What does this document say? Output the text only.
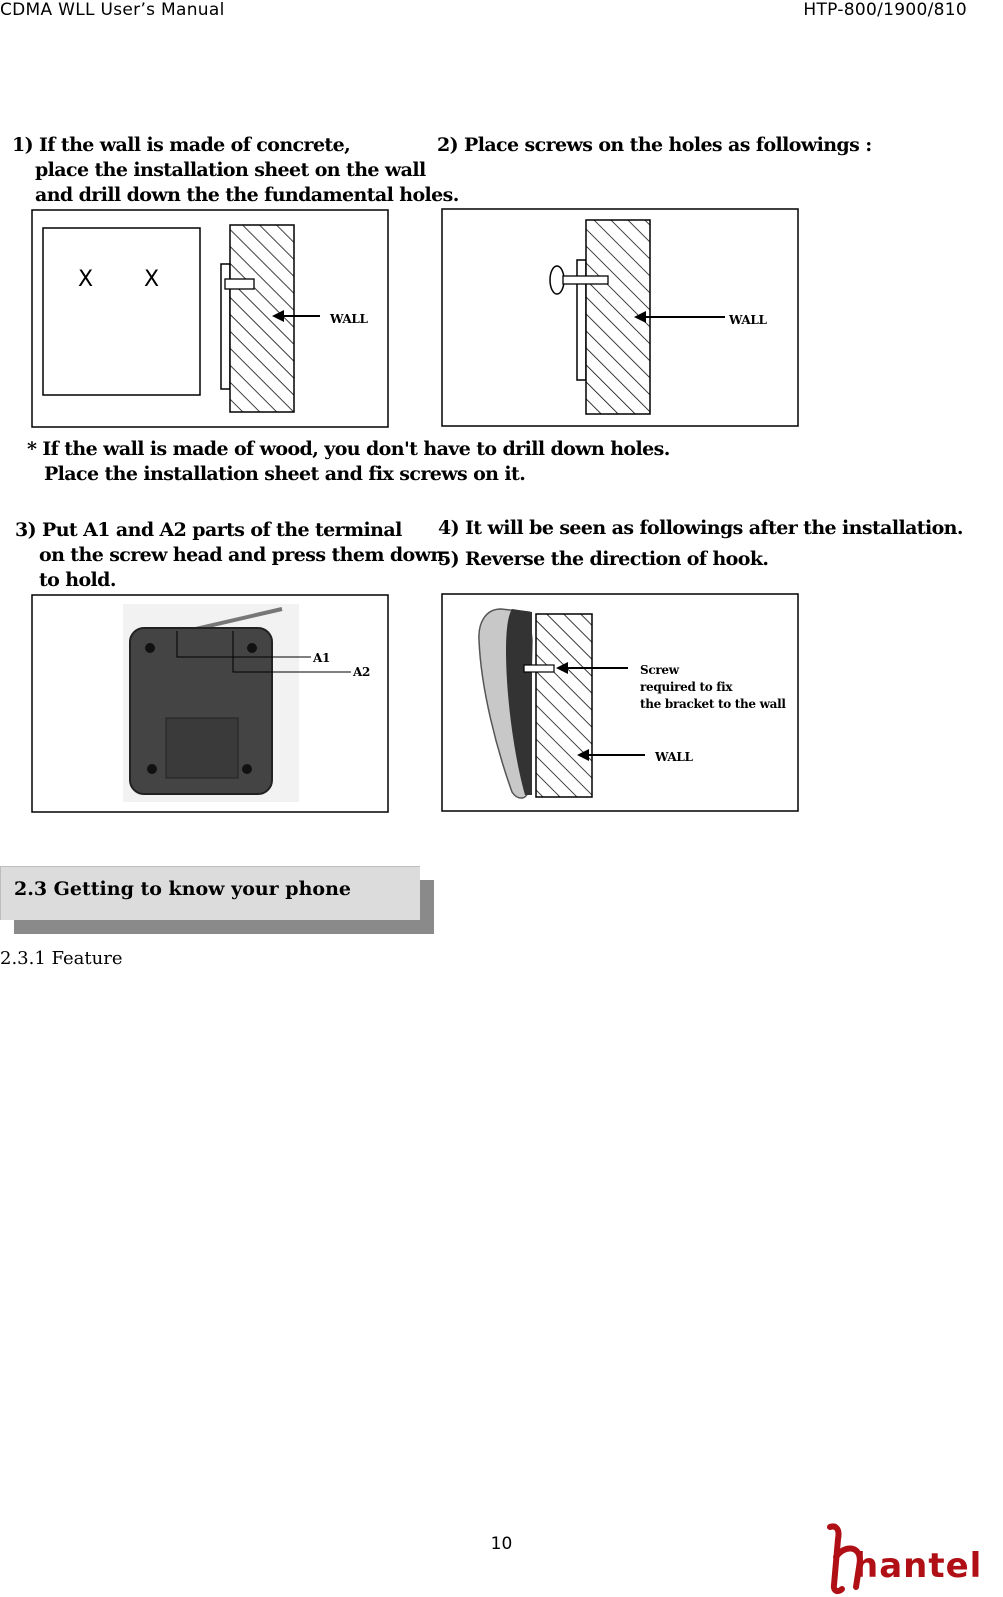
CDMA WLL User’s Manual	HTP-800/1900/810
1) If the wall is made of concrete,
place the installation sheet on the wall
and drill down the the fundamental holes.
2) Place screws on the holes as followings :
X X
WALL	WALL
* If the wall is made of wood, you don't have to drill down holes.
Place the installation sheet and fix screws on it.
3) Put A1 and A2 parts of the terminal
on the screw head and press them down
to hold.
4) It will be seen as followings after the installation.
5) Reverse the direction of hook.
A1
A2	Screw
required to fix
the bracket to the wall
WALL
2.3 Getting to know your phone
2.3.1 Feature
10
hantel
